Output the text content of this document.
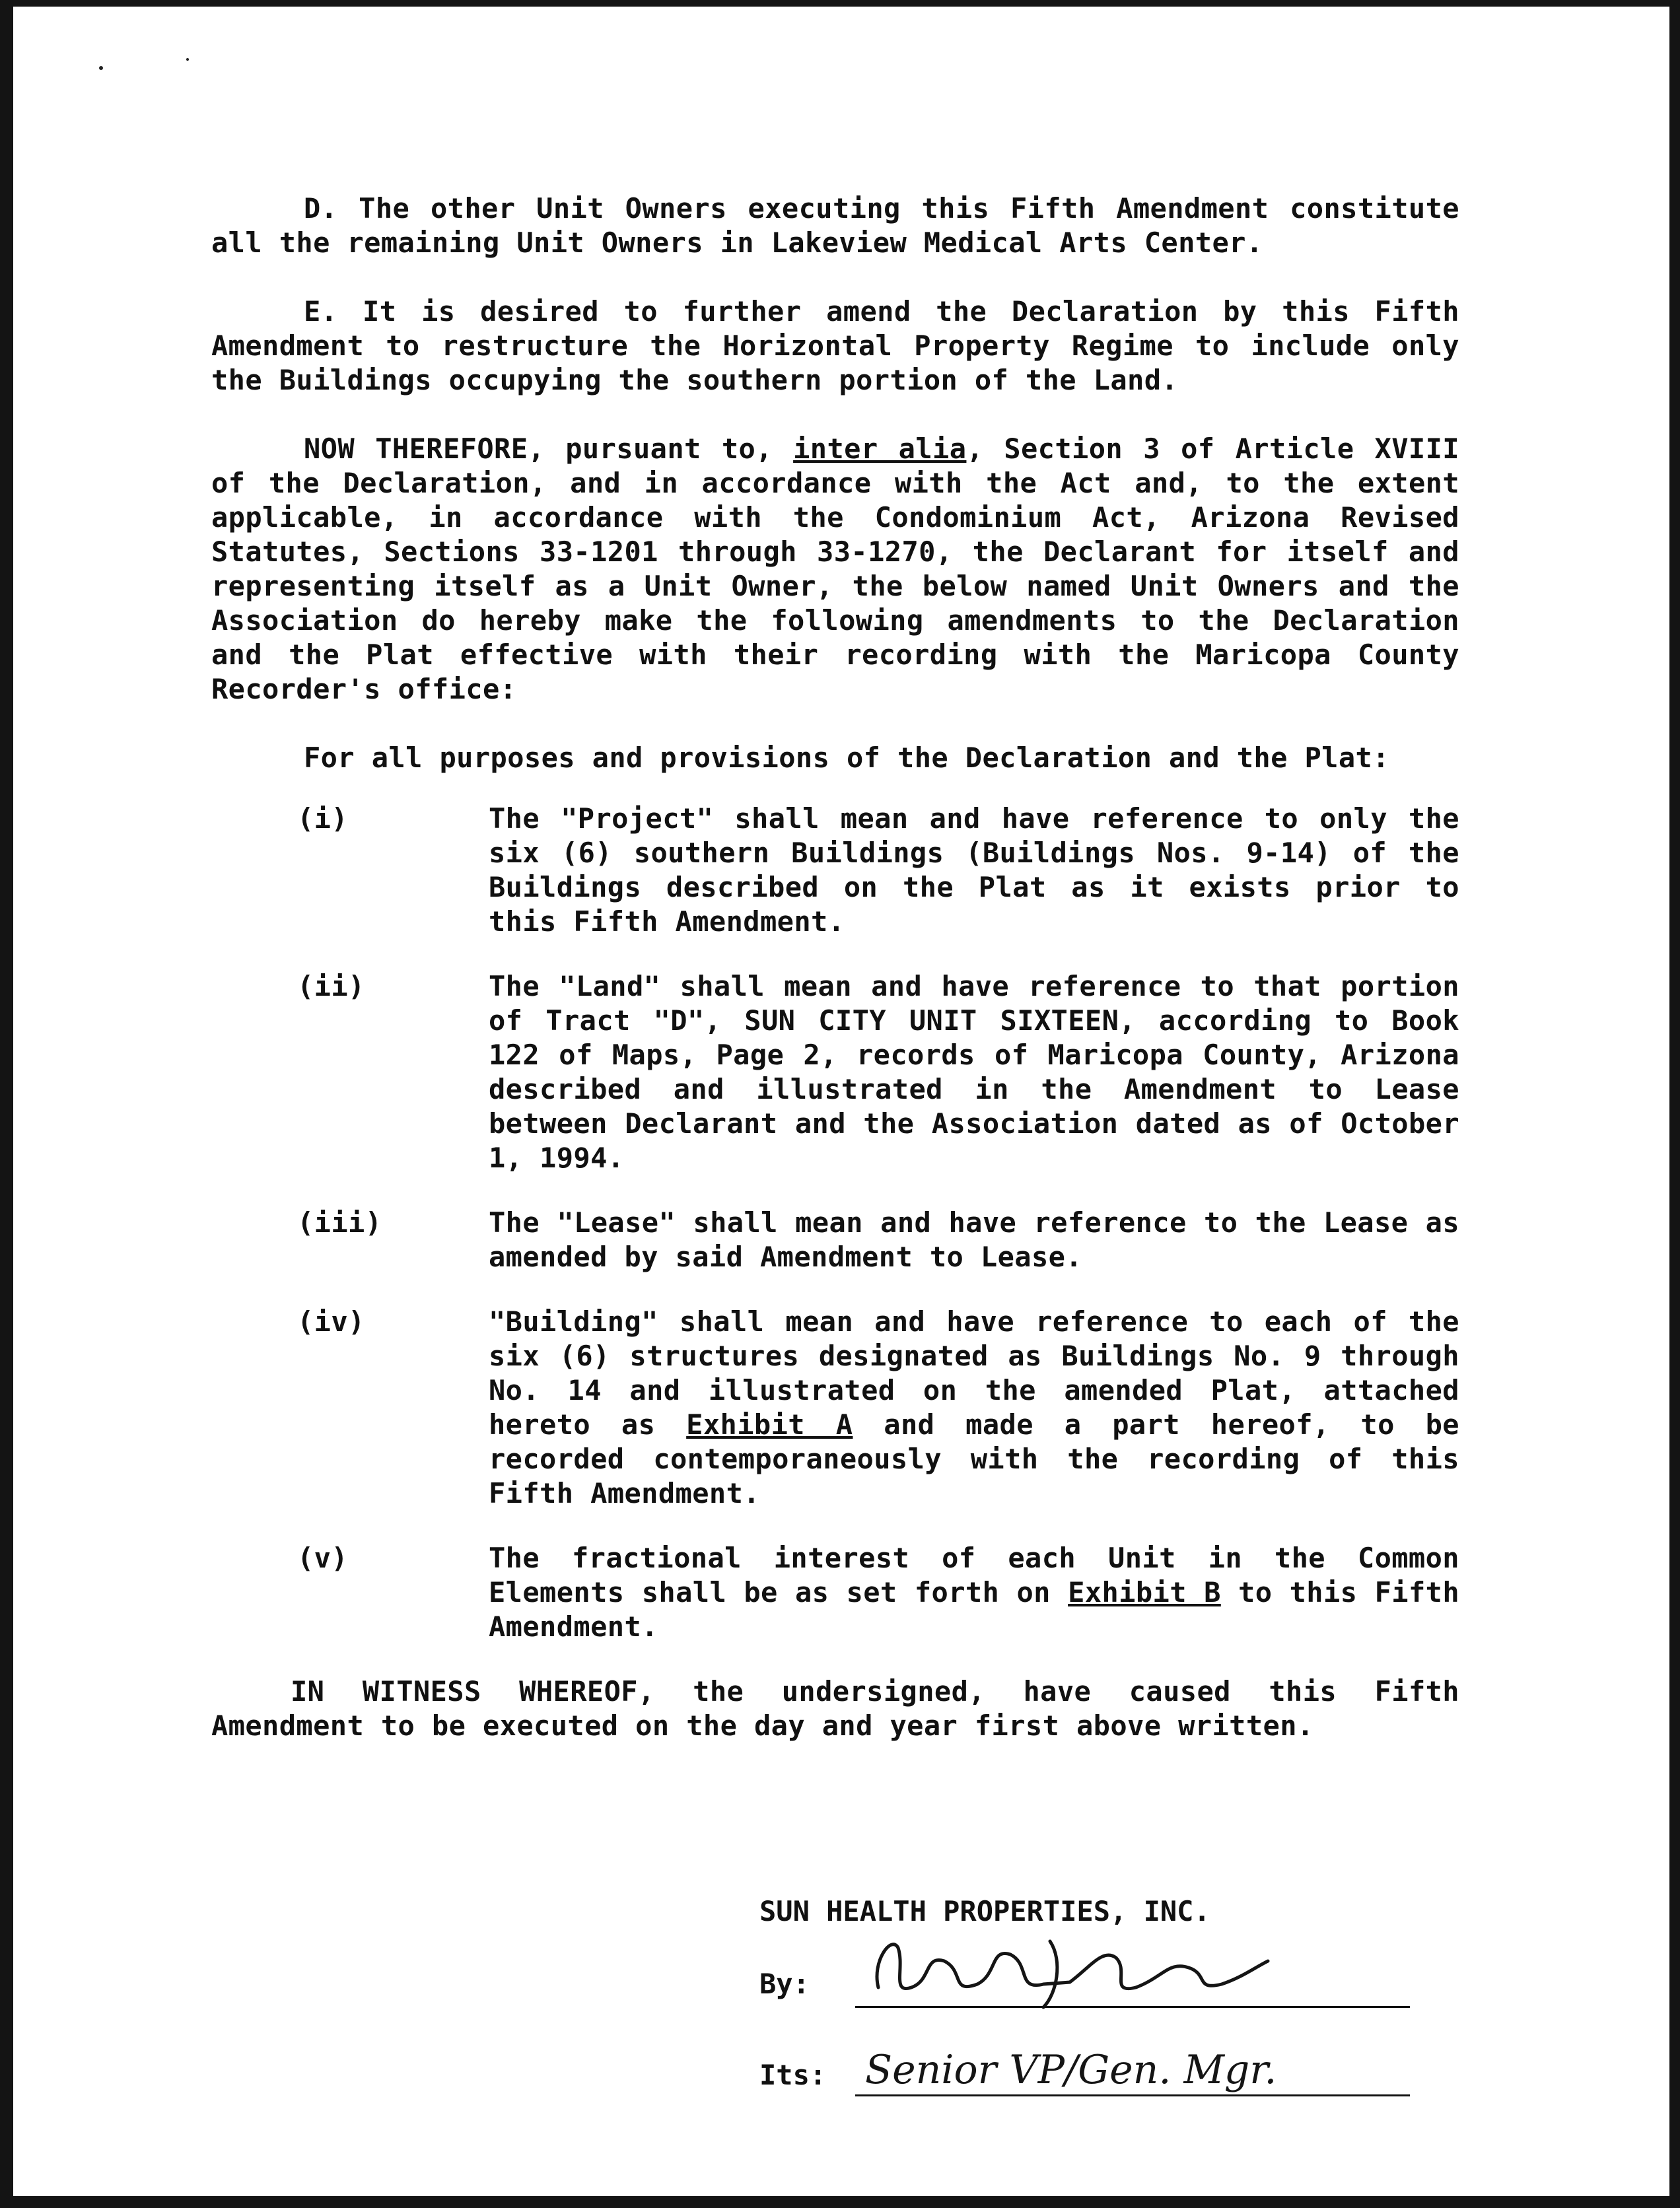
D. The other Unit Owners executing this Fifth Amendment constitute all the remaining Unit Owners in Lakeview Medical Arts Center.

E. It is desired to further amend the Declaration by this Fifth Amendment to restructure the Horizontal Property Regime to include only the Buildings occupying the southern portion of the Land.

NOW THEREFORE, pursuant to, inter alia, Section 3 of Article XVIII of the Declaration, and in accordance with the Act and, to the extent applicable, in accordance with the Condominium Act, Arizona Revised Statutes, Sections 33-1201 through 33-1270, the Declarant for itself and representing itself as a Unit Owner, the below named Unit Owners and the Association do hereby make the following amendments to the Declaration and the Plat effective with their recording with the Maricopa County Recorder's office:

For all purposes and provisions of the Declaration and the Plat:

(i)	The "Project" shall mean and have reference to only the six (6) southern Buildings (Buildings Nos. 9-14) of the Buildings described on the Plat as it exists prior to this Fifth Amendment.
(ii)	The "Land" shall mean and have reference to that portion of Tract "D", SUN CITY UNIT SIXTEEN, according to Book 122 of Maps, Page 2, records of Maricopa County, Arizona described and illustrated in the Amendment to Lease between Declarant and the Association dated as of October 1, 1994.
(iii)	The "Lease" shall mean and have reference to the Lease as amended by said Amendment to Lease.
(iv)	"Building" shall mean and have reference to each of the six (6) structures designated as Buildings No. 9 through No. 14 and illustrated on the amended Plat, attached hereto as Exhibit A and made a part hereof, to be recorded contemporaneously with the recording of this Fifth Amendment.
(v)	The fractional interest of each Unit in the Common Elements shall be as set forth on Exhibit B to this Fifth Amendment.

IN WITNESS WHEREOF, the undersigned, have caused this Fifth Amendment to be executed on the day and year first above written.

SUN HEALTH PROPERTIES, INC.
By:
Its: Senior VP/Gen. Mgr.
